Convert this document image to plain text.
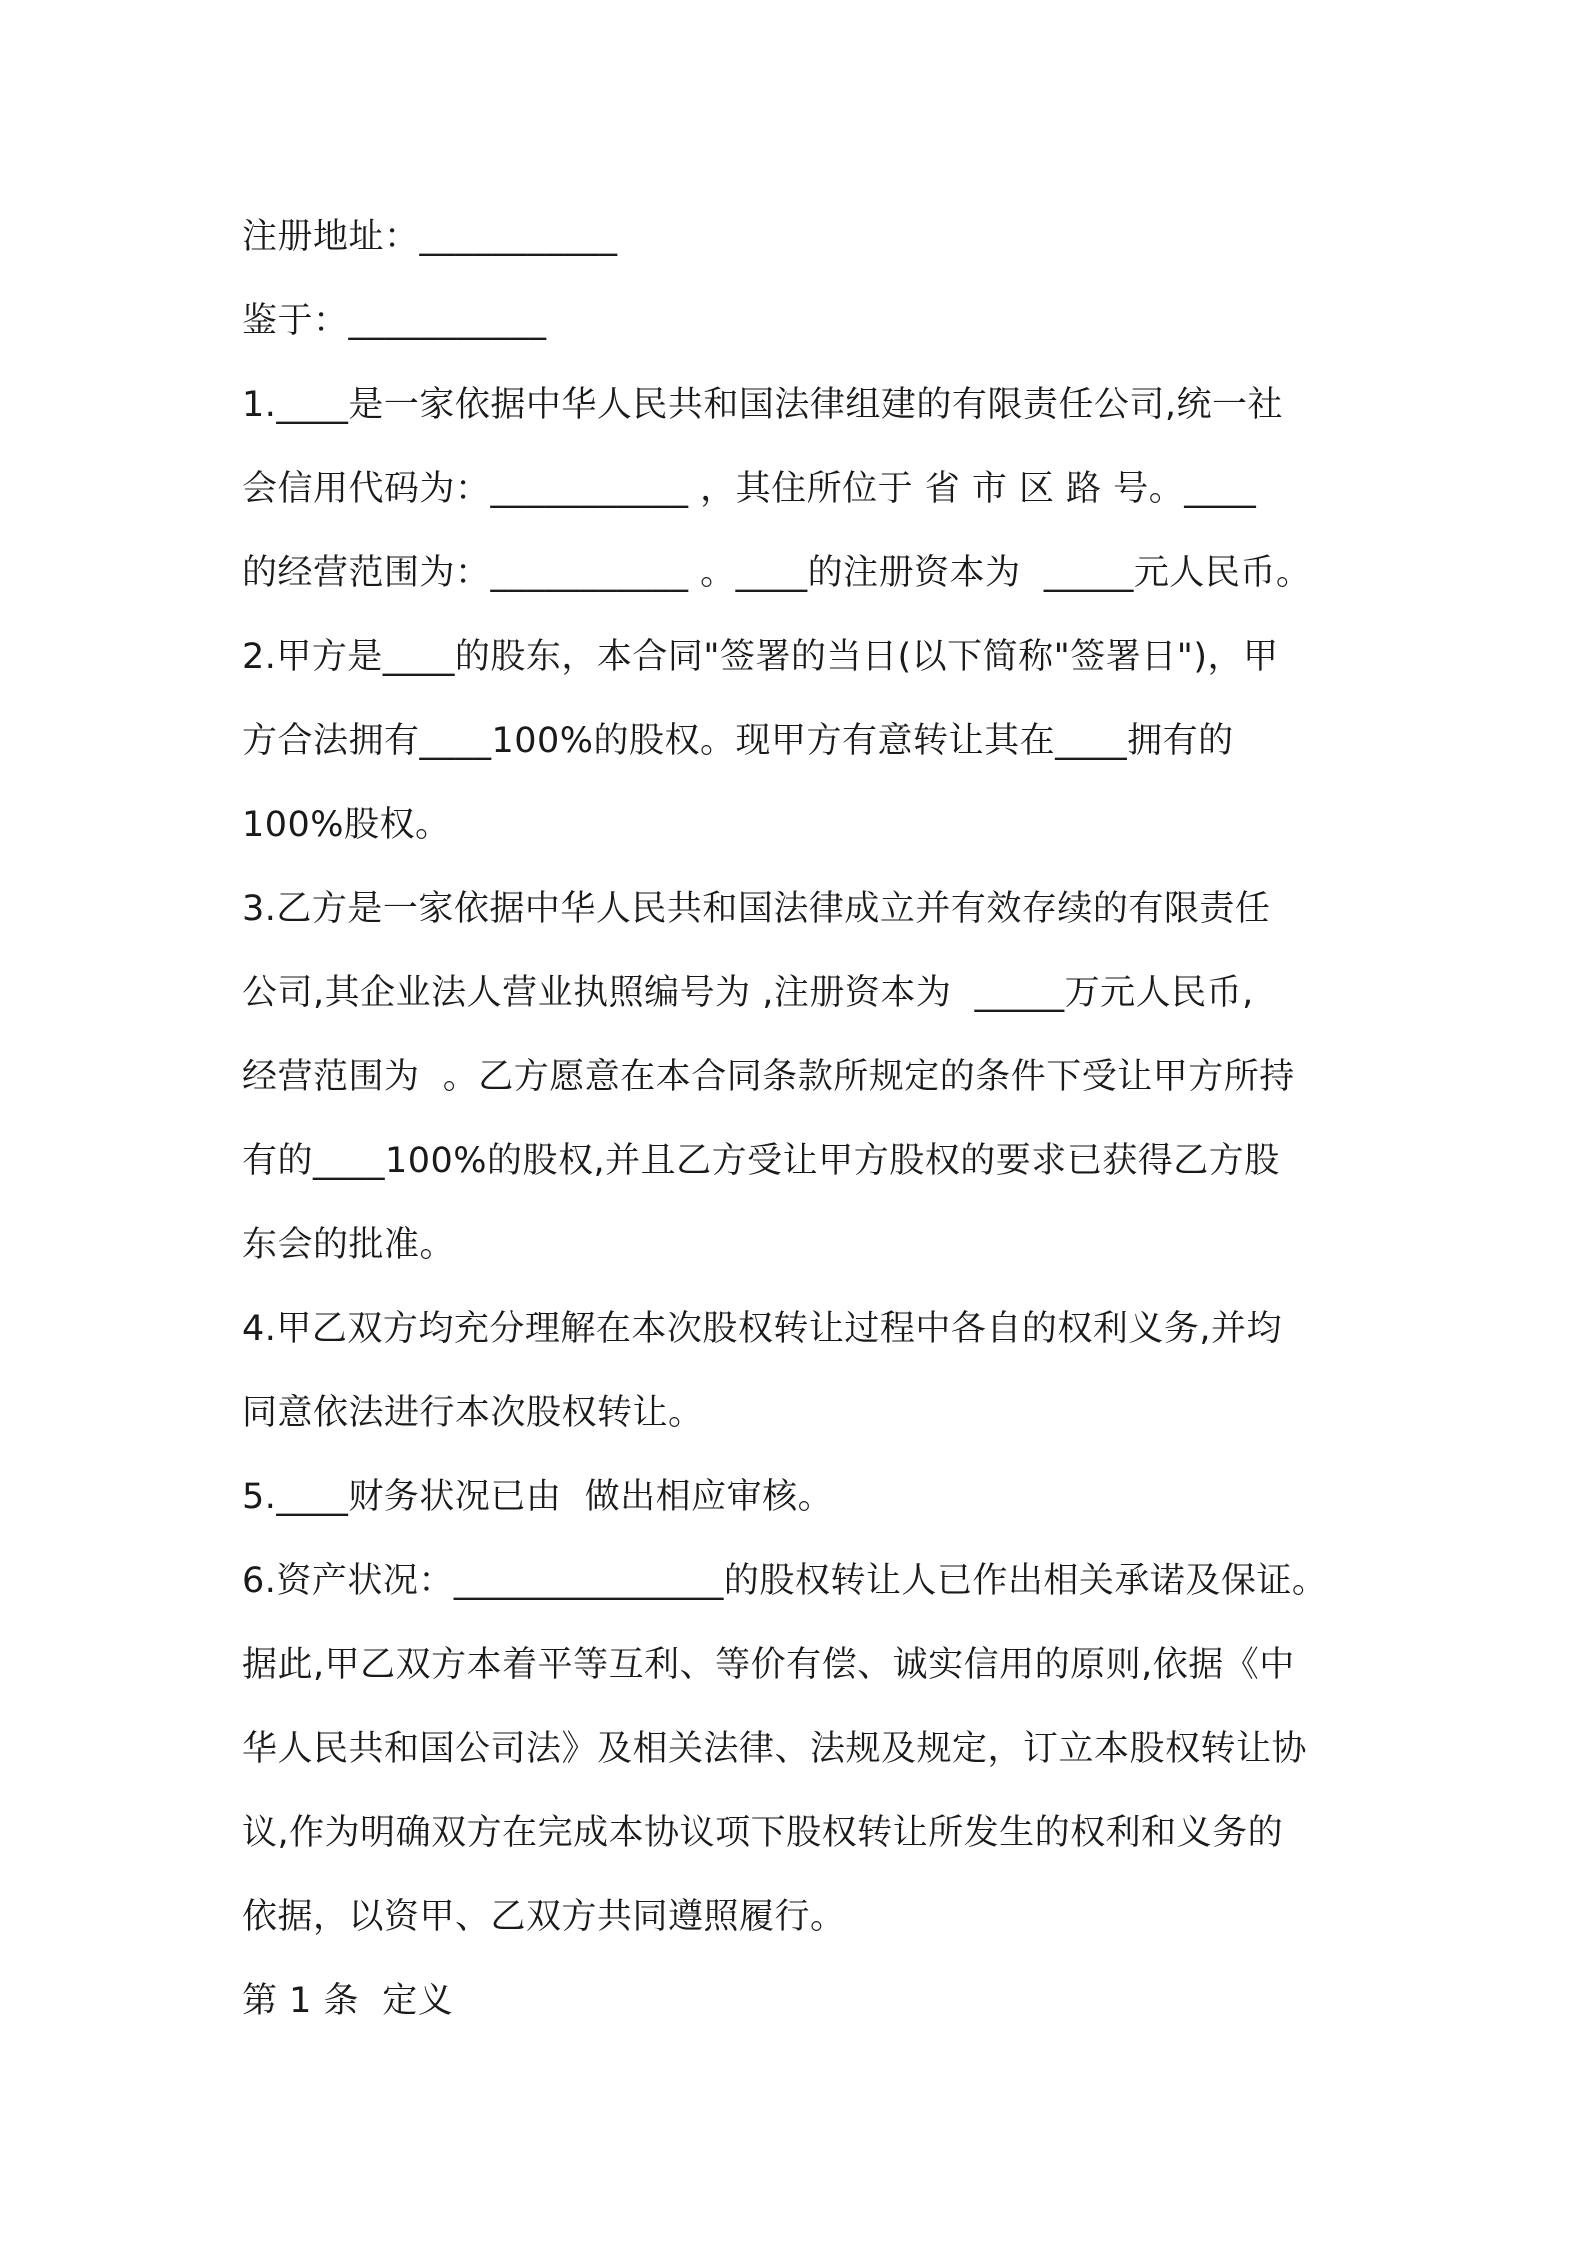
注册地址：___________
鉴于：___________
1.____是一家依据中华人民共和国法律组建的有限责任公司,统一社
会信用代码为：___________ ，其住所位于 省 市 区 路 号。____
的经营范围为：___________ 。____的注册资本为  _____元人民币。
2.甲方是____的股东，本合同"签署的当日(以下简称"签署日")，甲
方合法拥有____100%的股权。现甲方有意转让其在____拥有的
100%股权。
3.乙方是一家依据中华人民共和国法律成立并有效存续的有限责任
公司,其企业法人营业执照编号为 ,注册资本为  _____万元人民币,
经营范围为  。乙方愿意在本合同条款所规定的条件下受让甲方所持
有的____100%的股权,并且乙方受让甲方股权的要求已获得乙方股
东会的批准。
4.甲乙双方均充分理解在本次股权转让过程中各自的权利义务,并均
同意依法进行本次股权转让。
5.____财务状况已由  做出相应审核。
6.资产状况：_______________的股权转让人已作出相关承诺及保证。
据此,甲乙双方本着平等互利、等价有偿、诚实信用的原则,依据《中
华人民共和国公司法》及相关法律、法规及规定，订立本股权转让协
议,作为明确双方在完成本协议项下股权转让所发生的权利和义务的
依据，以资甲、乙双方共同遵照履行。
第 1 条  定义
